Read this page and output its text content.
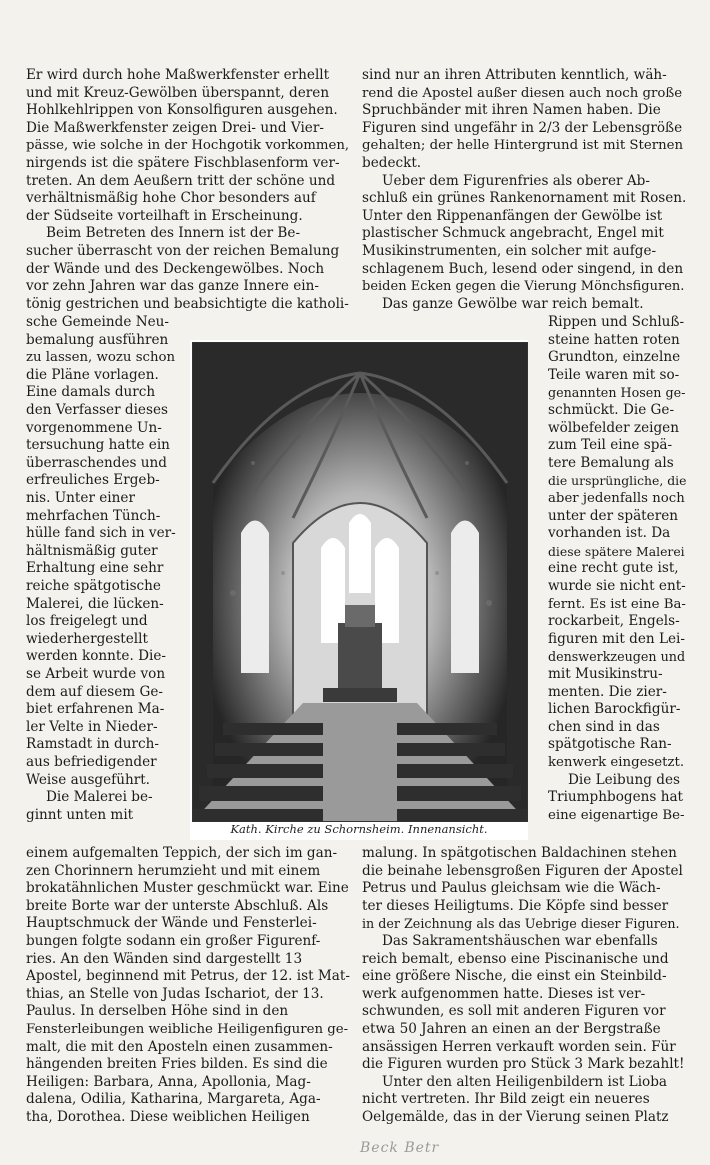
Kath. Kirche zu Schornsheim. Innenansicht.
Beck Betr
Er wird durch hohe Maßwerkfenster erhellt
und mit Kreuz-Gewölben überspannt, deren
Hohlkehlrippen von Konsolfiguren ausgehen.
Die Maßwerkfenster zeigen Drei- und Vier-
pässe, wie solche in der Hochgotik vorkommen,
nirgends ist die spätere Fischblasenform ver-
treten. An dem Aeußern tritt der schöne und
verhältnismäßig hohe Chor besonders auf
der Südseite vorteilhaft in Erscheinung.
Beim Betreten des Innern ist der Be-
sucher überrascht von der reichen Bemalung
der Wände und des Deckengewölbes. Noch
vor zehn Jahren war das ganze Innere ein-
tönig gestrichen und beabsichtigte die katholi-
sche Gemeinde Neu-
bemalung ausführen
zu lassen, wozu schon
die Pläne vorlagen.
Eine damals durch
den Verfasser dieses
vorgenommene Un-
tersuchung hatte ein
überraschendes und
erfreuliches Ergeb-
nis. Unter einer
mehrfachen Tünch-
hülle fand sich in ver-
hältnismäßig guter
Erhaltung eine sehr
reiche spätgotische
Malerei, die lücken-
los freigelegt und
wiederhergestellt
werden konnte. Die-
se Arbeit wurde von
dem auf diesem Ge-
biet erfahrenen Ma-
ler Velte in Nieder-
Ramstadt in durch-
aus befriedigender
Weise ausgeführt.
Die Malerei be-
ginnt unten mit
einem aufgemalten Teppich, der sich im gan-
zen Chorinnern herumzieht und mit einem
brokatähnlichen Muster geschmückt war. Eine
breite Borte war der unterste Abschluß. Als
Hauptschmuck der Wände und Fensterlei-
bungen folgte sodann ein großer Figurenf-
ries. An den Wänden sind dargestellt 13
Apostel, beginnend mit Petrus, der 12. ist Mat-
thias, an Stelle von Judas Ischariot, der 13.
Paulus. In derselben Höhe sind in den
Fensterleibungen weibliche Heiligenfiguren ge-
malt, die mit den Aposteln einen zusammen-
hängenden breiten Fries bilden. Es sind die
Heiligen: Barbara, Anna, Apollonia, Mag-
dalena, Odilia, Katharina, Margareta, Aga-
tha, Dorothea. Diese weiblichen Heiligen
sind nur an ihren Attributen kenntlich, wäh-
rend die Apostel außer diesen auch noch große
Spruchbänder mit ihren Namen haben. Die
Figuren sind ungefähr in 2/3 der Lebensgröße
gehalten; der helle Hintergrund ist mit Sternen
bedeckt.
Ueber dem Figurenfries als oberer Ab-
schluß ein grünes Rankenornament mit Rosen.
Unter den Rippenanfängen der Gewölbe ist
plastischer Schmuck angebracht, Engel mit
Musikinstrumenten, ein solcher mit aufge-
schlagenem Buch, lesend oder singend, in den
beiden Ecken gegen die Vierung Mönchsfiguren.
Das ganze Gewölbe war reich bemalt.
Rippen und Schluß-
steine hatten roten
Grundton, einzelne
Teile waren mit so-
genannten Hosen ge-
schmückt. Die Ge-
wölbefelder zeigen
zum Teil eine spä-
tere Bemalung als
die ursprüngliche, die
aber jedenfalls noch
unter der späteren
vorhanden ist. Da
diese spätere Malerei
eine recht gute ist,
wurde sie nicht ent-
fernt. Es ist eine Ba-
rockarbeit, Engels-
figuren mit den Lei-
denswerkzeugen und
mit Musikinstru-
menten. Die zier-
lichen Barockfigür-
chen sind in das
spätgotische Ran-
kenwerk eingesetzt.
Die Leibung des
Triumphbogens hat
eine eigenartige Be-
malung. In spätgotischen Baldachinen stehen
die beinahe lebensgroßen Figuren der Apostel
Petrus und Paulus gleichsam wie die Wäch-
ter dieses Heiligtums. Die Köpfe sind besser
in der Zeichnung als das Uebrige dieser Figuren.
Das Sakramentshäuschen war ebenfalls
reich bemalt, ebenso eine Piscinanische und
eine größere Nische, die einst ein Steinbild-
werk aufgenommen hatte. Dieses ist ver-
schwunden, es soll mit anderen Figuren vor
etwa 50 Jahren an einen an der Bergstraße
ansässigen Herren verkauft worden sein. Für
die Figuren wurden pro Stück 3 Mark bezahlt!
Unter den alten Heiligenbildern ist Lioba
nicht vertreten. Ihr Bild zeigt ein neueres
Oelgemälde, das in der Vierung seinen Platz
